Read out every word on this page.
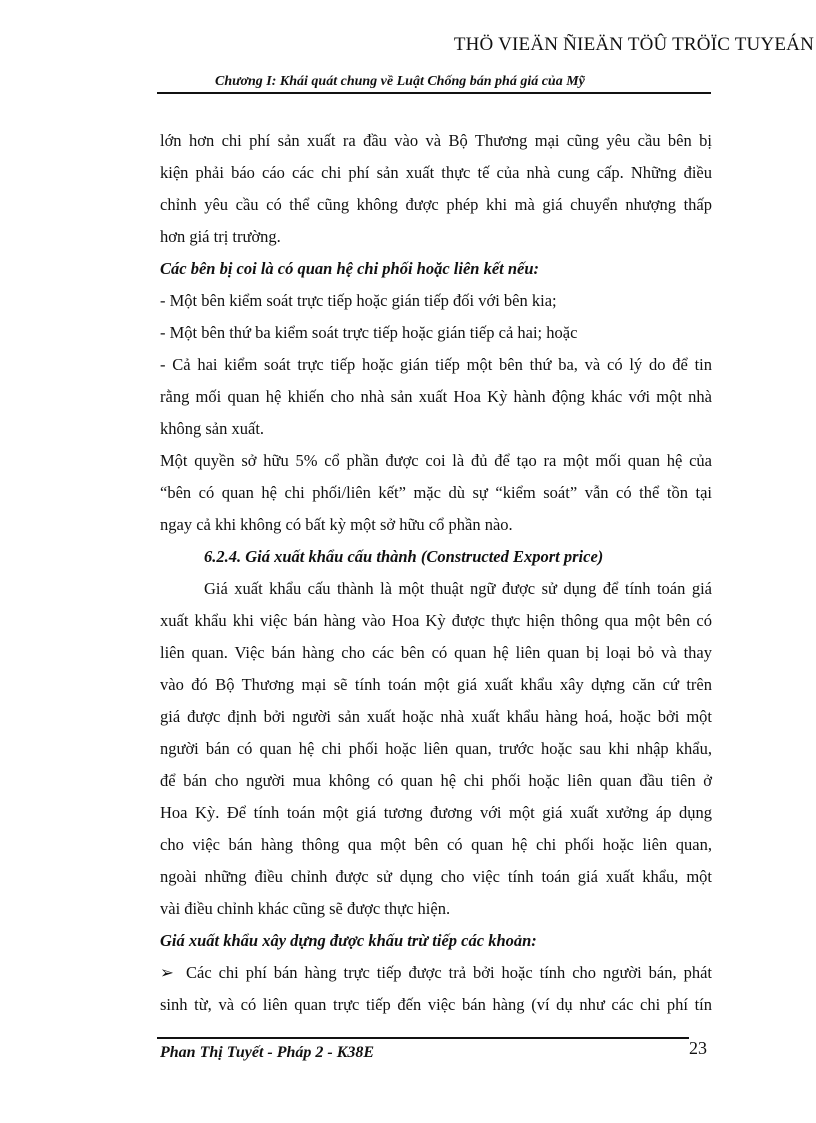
THÖ VIEÄN ÑIEÄN TÖÛ TRÖÏC TUYEÁN
Chương I: Khái quát chung về Luật Chống bán phá giá của Mỹ
lớn hơn chi phí sản xuất ra đầu vào và Bộ Thương mại cũng yêu cầu bên bị
kiện phải báo cáo các chi phí sản xuất thực tế của nhà cung cấp. Những điều
chỉnh yêu cầu có thể cũng không được phép khi mà giá chuyển nhượng thấp
hơn giá trị trường.
Các bên bị coi là có quan hệ chi phối hoặc liên kết nếu:
- Một bên kiểm soát trực tiếp hoặc gián tiếp đối với bên kia;
- Một bên thứ ba kiểm soát trực tiếp hoặc gián tiếp cả hai; hoặc
- Cả hai kiểm soát trực tiếp hoặc gián tiếp một bên thứ ba, và có lý do để tin
rằng mối quan hệ khiến cho nhà sản xuất Hoa Kỳ hành động khác với một nhà
không sản xuất.
Một quyền sở hữu 5% cổ phần được coi là đủ để tạo ra một mối quan hệ của
“bên có quan hệ chi phối/liên kết” mặc dù sự “kiểm soát” vẫn có thể tồn tại
ngay cả khi không có bất kỳ một sở hữu cổ phần nào.
6.2.4. Giá xuất khẩu cấu thành (Constructed Export price)
Giá xuất khẩu cấu thành là một thuật ngữ được sử dụng để tính toán giá
xuất khẩu khi việc bán hàng vào Hoa Kỳ được thực hiện thông qua một bên có
liên quan. Việc bán hàng cho các bên có quan hệ liên quan bị loại bỏ và thay
vào đó Bộ Thương mại sẽ tính toán một giá xuất khẩu xây dựng căn cứ trên
giá được định bởi người sản xuất hoặc nhà xuất khẩu hàng hoá, hoặc bởi một
người bán có quan hệ chi phối hoặc liên quan, trước hoặc sau khi nhập khẩu,
để bán cho người mua không có quan hệ chi phối hoặc liên quan đầu tiên ở
Hoa Kỳ. Để tính toán một giá tương đương với một giá xuất xưởng áp dụng
cho việc bán hàng thông qua một bên có quan hệ chi phối hoặc liên quan,
ngoài những điều chỉnh được sử dụng cho việc tính toán giá xuất khẩu, một
vài điều chỉnh khác cũng sẽ được thực hiện.
Giá xuất khẩu xây dựng được khấu trừ tiếp các khoản:
➢ Các chi phí bán hàng trực tiếp được trả bởi hoặc tính cho người bán, phát
sinh từ, và có liên quan trực tiếp đến việc bán hàng (ví dụ như các chi phí tín
Phan Thị Tuyết - Pháp 2 - K38E	23
